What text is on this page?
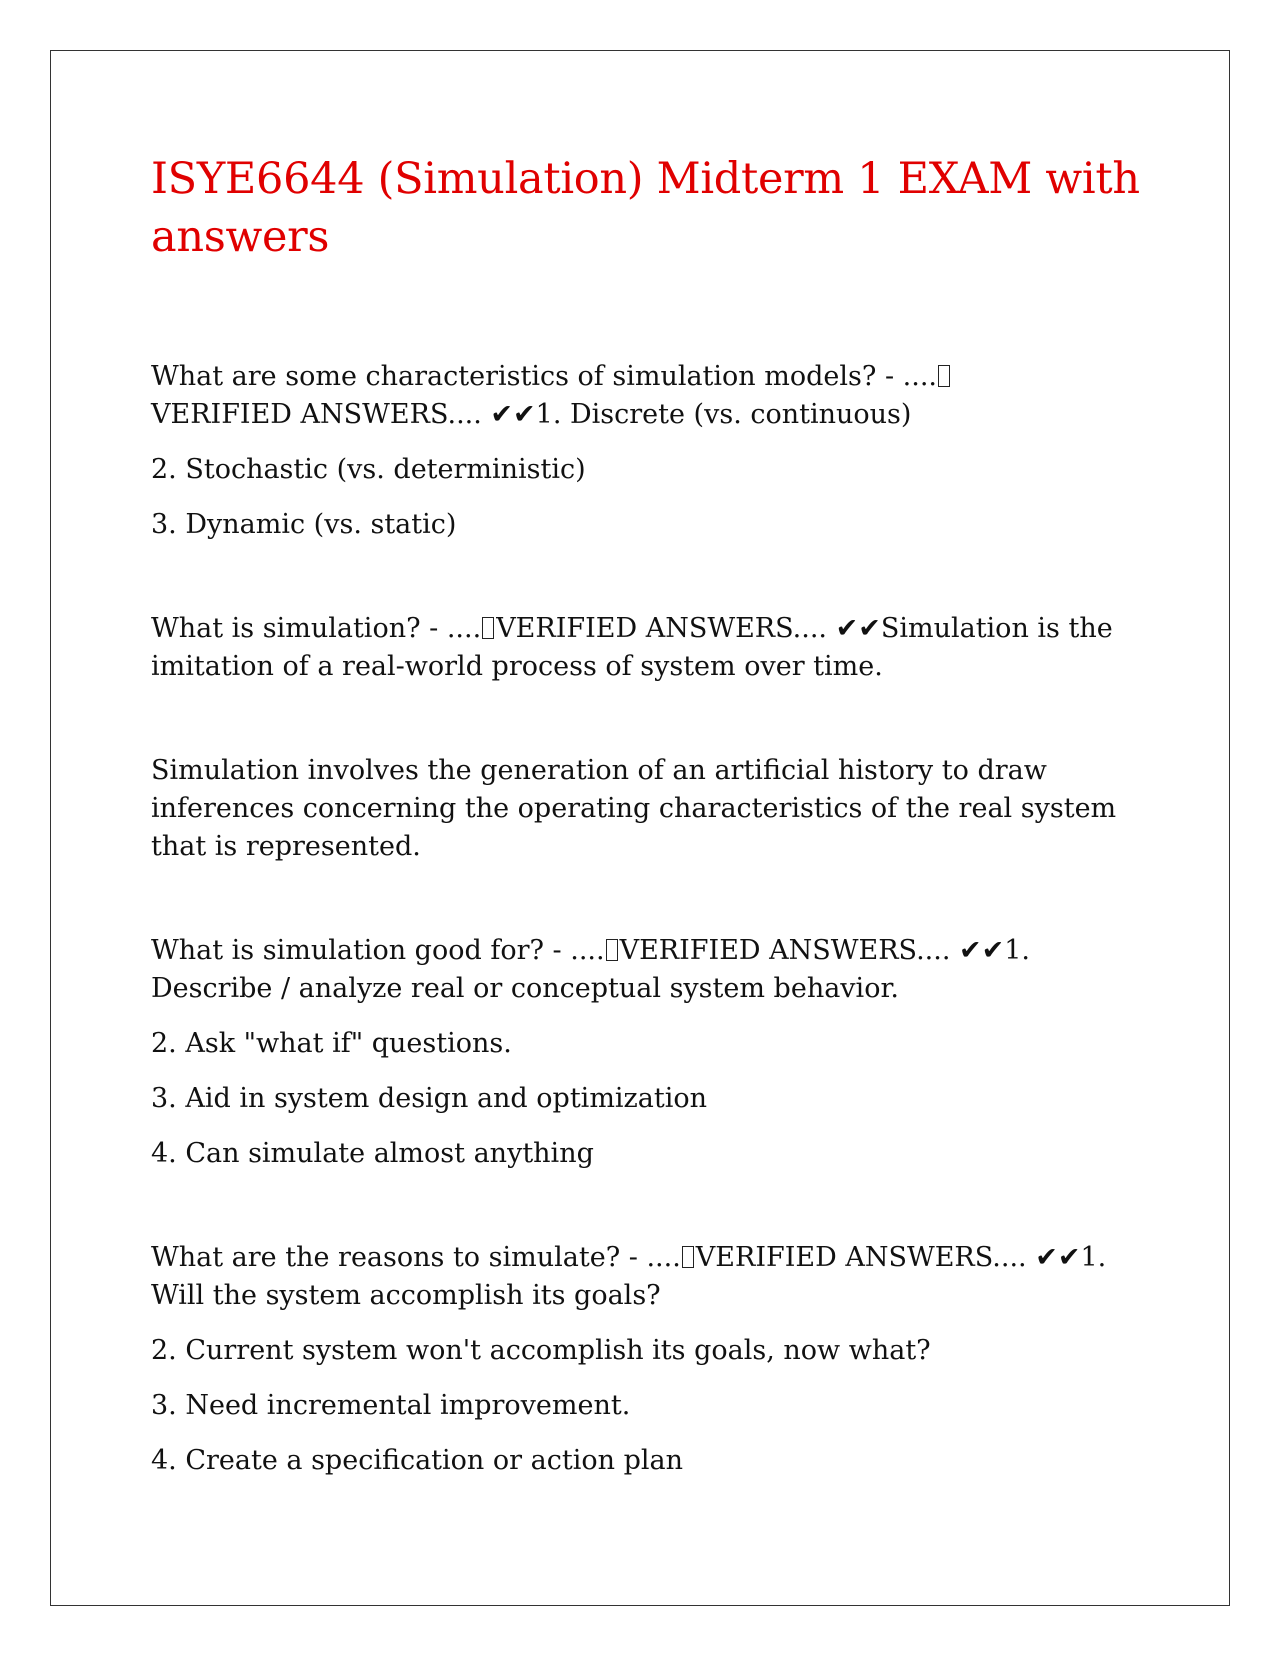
ISYE6644 (Simulation) Midterm 1 EXAM with answers

What are some characteristics of simulation models? - ....
VERIFIED ANSWERS.... ✔✔1. Discrete (vs. continuous)

2. Stochastic (vs. deterministic)

3. Dynamic (vs. static)

What is simulation? - .... VERIFIED ANSWERS.... ✔✔Simulation is the imitation of a real-world process of system over time.

Simulation involves the generation of an artificial history to draw inferences concerning the operating characteristics of the real system that is represented.

What is simulation good for? - .... VERIFIED ANSWERS.... ✔✔1. Describe / analyze real or conceptual system behavior.

2. Ask "what if" questions.

3. Aid in system design and optimization

4. Can simulate almost anything

What are the reasons to simulate? - .... VERIFIED ANSWERS.... ✔✔1. Will the system accomplish its goals?

2. Current system won't accomplish its goals, now what?

3. Need incremental improvement.

4. Create a specification or action plan
